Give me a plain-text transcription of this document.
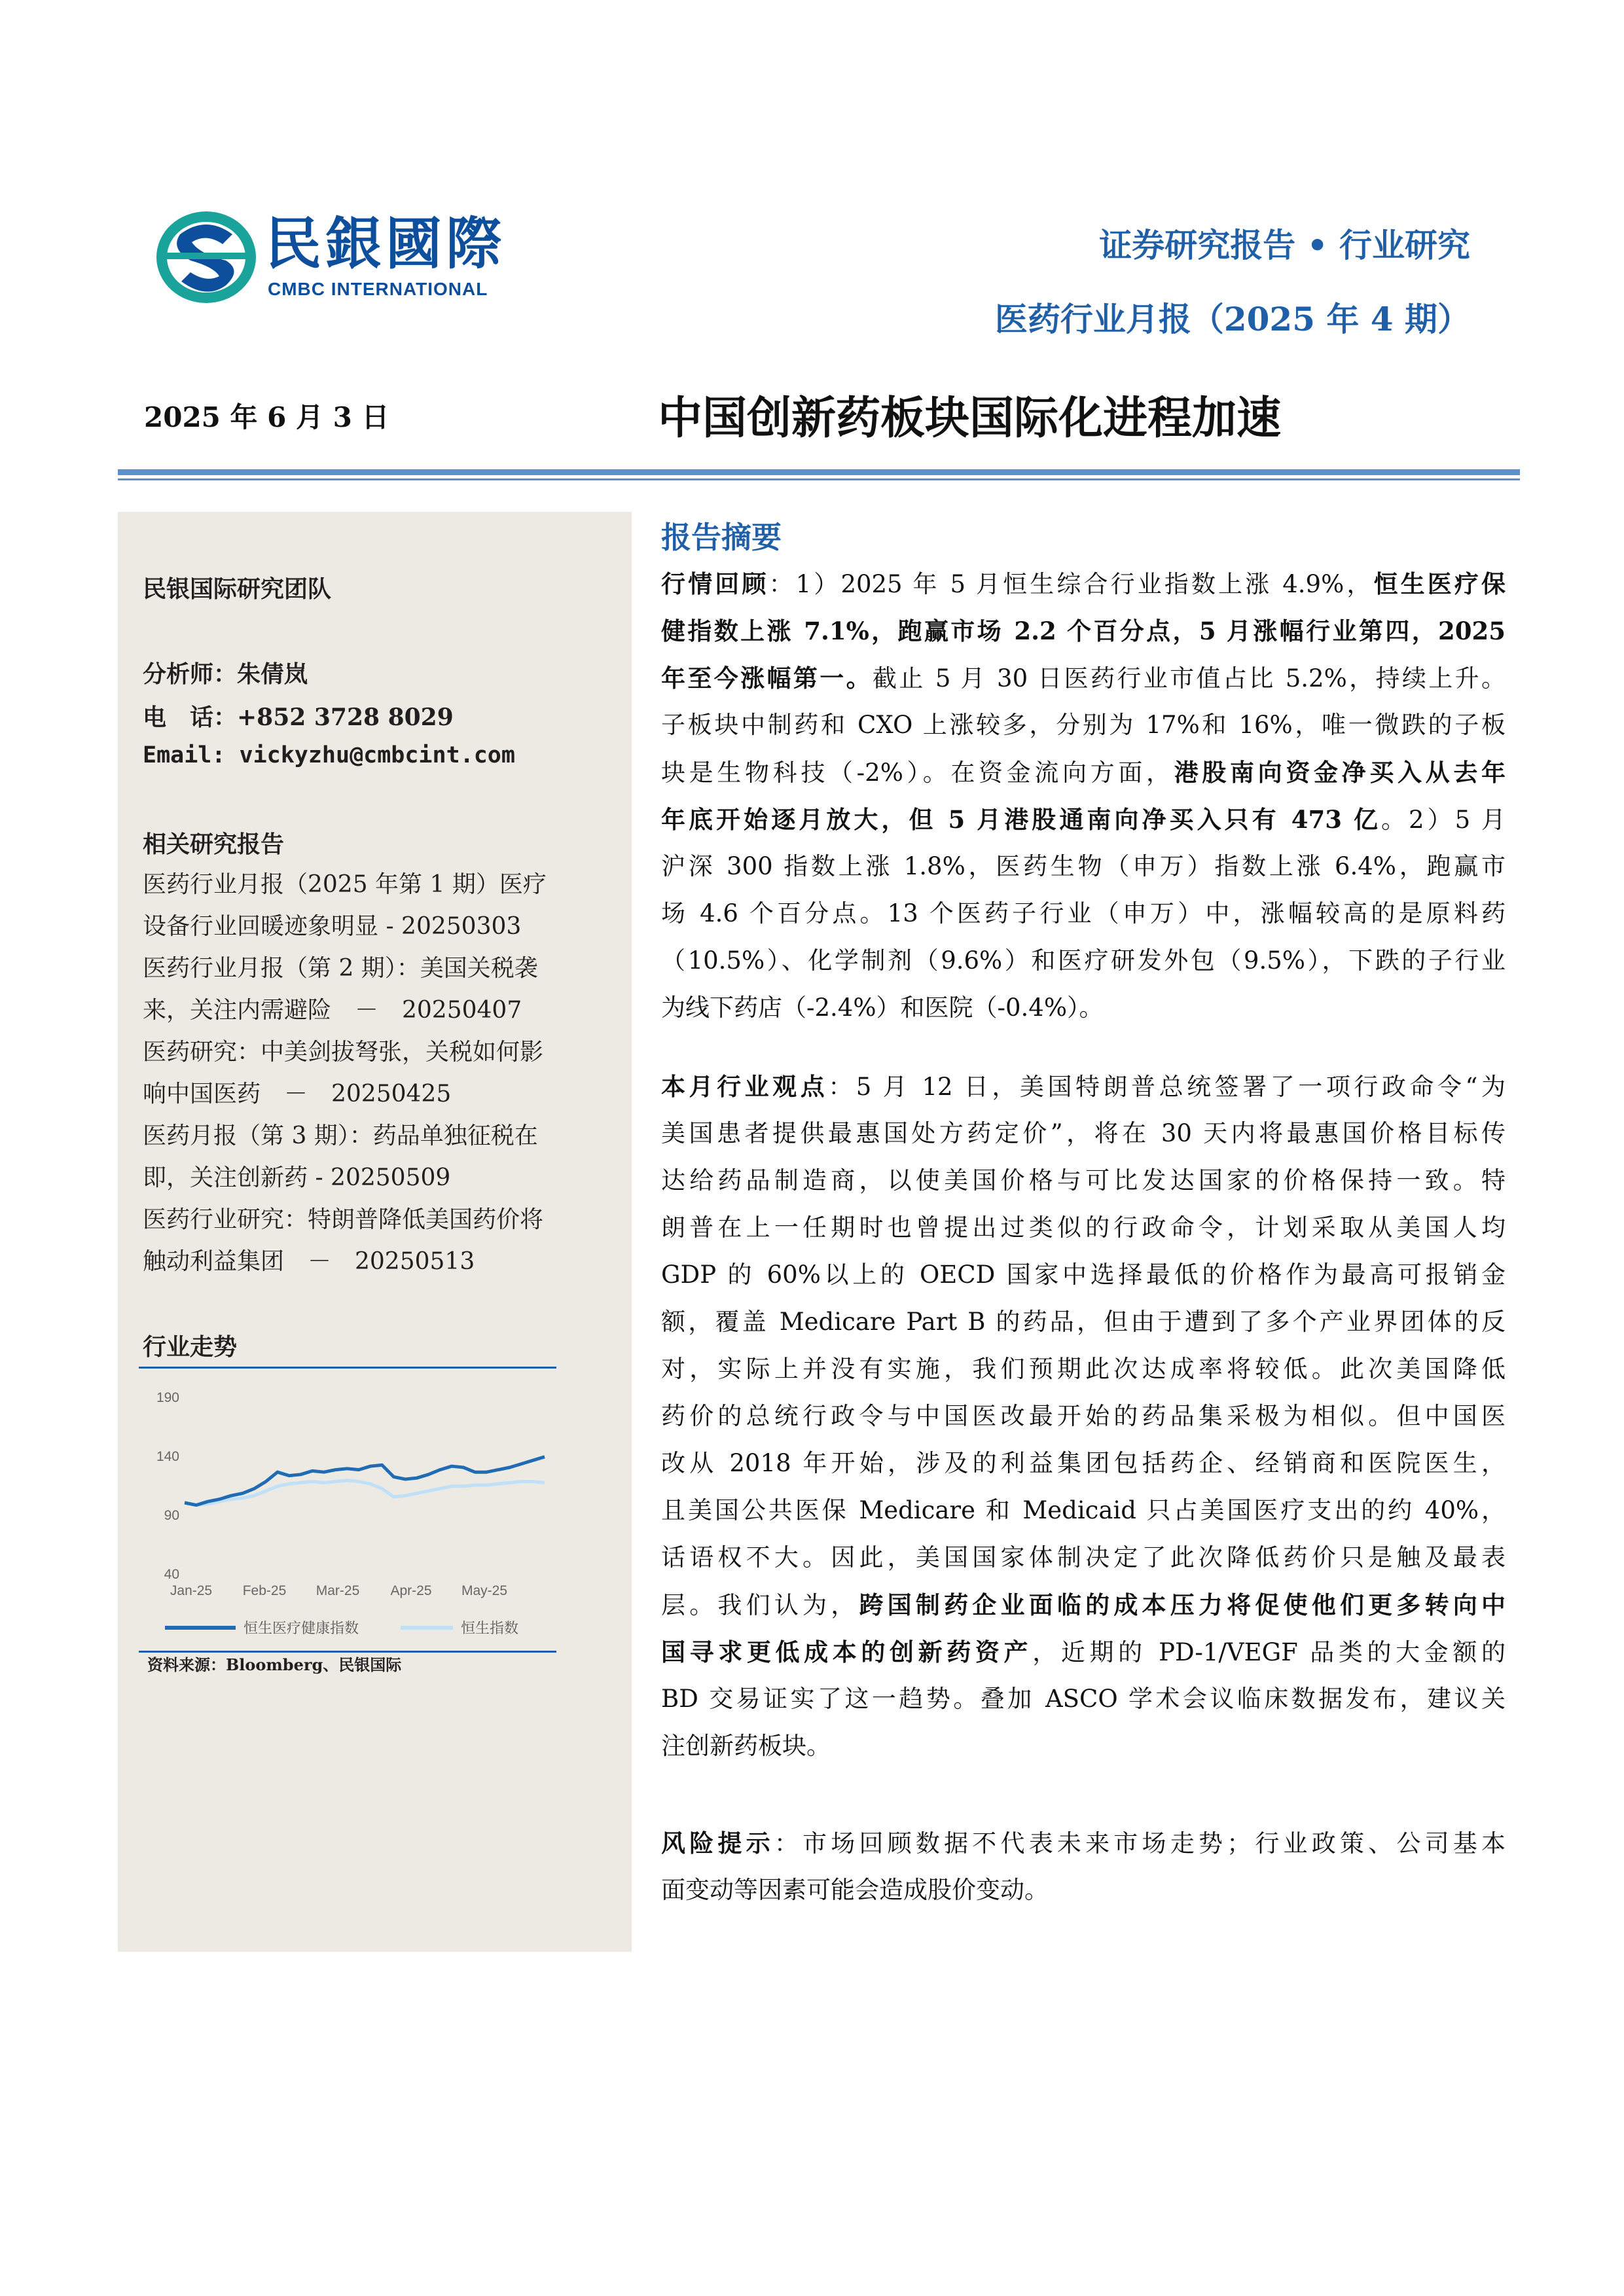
民銀國際
CMBC INTERNATIONAL
证券研究报告 • 行业研究
医药行业月报（2025 年 4 期）
2025 年 6 月 3 日	中国创新药板块国际化进程加速
民银国际研究团队
分析师：朱倩岚
电　话：+852 3728 8029
Email: vickyzhu@cmbcint.com
相关研究报告
医药行业月报（2025 年第 1 期）医疗
设备行业回暖迹象明显 - 20250303
医药行业月报（第 2 期）：美国关税袭
来，关注内需避险　－　20250407
医药研究：中美剑拔弩张，关税如何影
响中国医药　－　20250425
医药月报（第 3 期）：药品单独征税在
即，关注创新药 - 20250509
医药行业研究：特朗普降低美国药价将
触动利益集团　－　20250513
行业走势
40
90
140
190
Jan-25 Feb-25 Mar-25 Apr-25 May-25
恒生医疗健康指数	恒生指数
资料来源：Bloomberg、民银国际
报告摘要
行情回顾：1）2025 年 5 月恒生综合行业指数上涨 4.9%，恒生医疗保
健指数上涨 7.1%，跑赢市场 2.2 个百分点，5 月涨幅行业第四，2025
年至今涨幅第一。截止 5 月 30 日医药行业市值占比 5.2%，持续上升。
子板块中制药和 CXO 上涨较多，分别为 17%和 16%，唯一微跌的子板
块是生物科技（-2%）。在资金流向方面，港股南向资金净买入从去年
年底开始逐月放大，但 5 月港股通南向净买入只有 473 亿。2）5 月
沪深 300 指数上涨 1.8%，医药生物（申万）指数上涨 6.4%，跑赢市
场 4.6 个百分点。13 个医药子行业（申万）中，涨幅较高的是原料药
（10.5%）、化学制剂（9.6%）和医疗研发外包（9.5%），下跌的子行业
为线下药店（-2.4%）和医院（-0.4%）。
本月行业观点：5 月 12 日，美国特朗普总统签署了一项行政命令“为
美国患者提供最惠国处方药定价”，将在 30 天内将最惠国价格目标传
达给药品制造商，以使美国价格与可比发达国家的价格保持一致。特
朗普在上一任期时也曾提出过类似的行政命令，计划采取从美国人均
GDP 的 60%以上的 OECD 国家中选择最低的价格作为最高可报销金
额，覆盖 Medicare Part B 的药品，但由于遭到了多个产业界团体的反
对，实际上并没有实施，我们预期此次达成率将较低。此次美国降低
药价的总统行政令与中国医改最开始的药品集采极为相似。但中国医
改从 2018 年开始，涉及的利益集团包括药企、经销商和医院医生，
且美国公共医保 Medicare 和 Medicaid 只占美国医疗支出的约 40%，
话语权不大。因此，美国国家体制决定了此次降低药价只是触及最表
层。我们认为，跨国制药企业面临的成本压力将促使他们更多转向中
国寻求更低成本的创新药资产，近期的 PD-1/VEGF 品类的大金额的
BD 交易证实了这一趋势。叠加 ASCO 学术会议临床数据发布，建议关
注创新药板块。
风险提示：市场回顾数据不代表未来市场走势；行业政策、公司基本
面变动等因素可能会造成股价变动。
